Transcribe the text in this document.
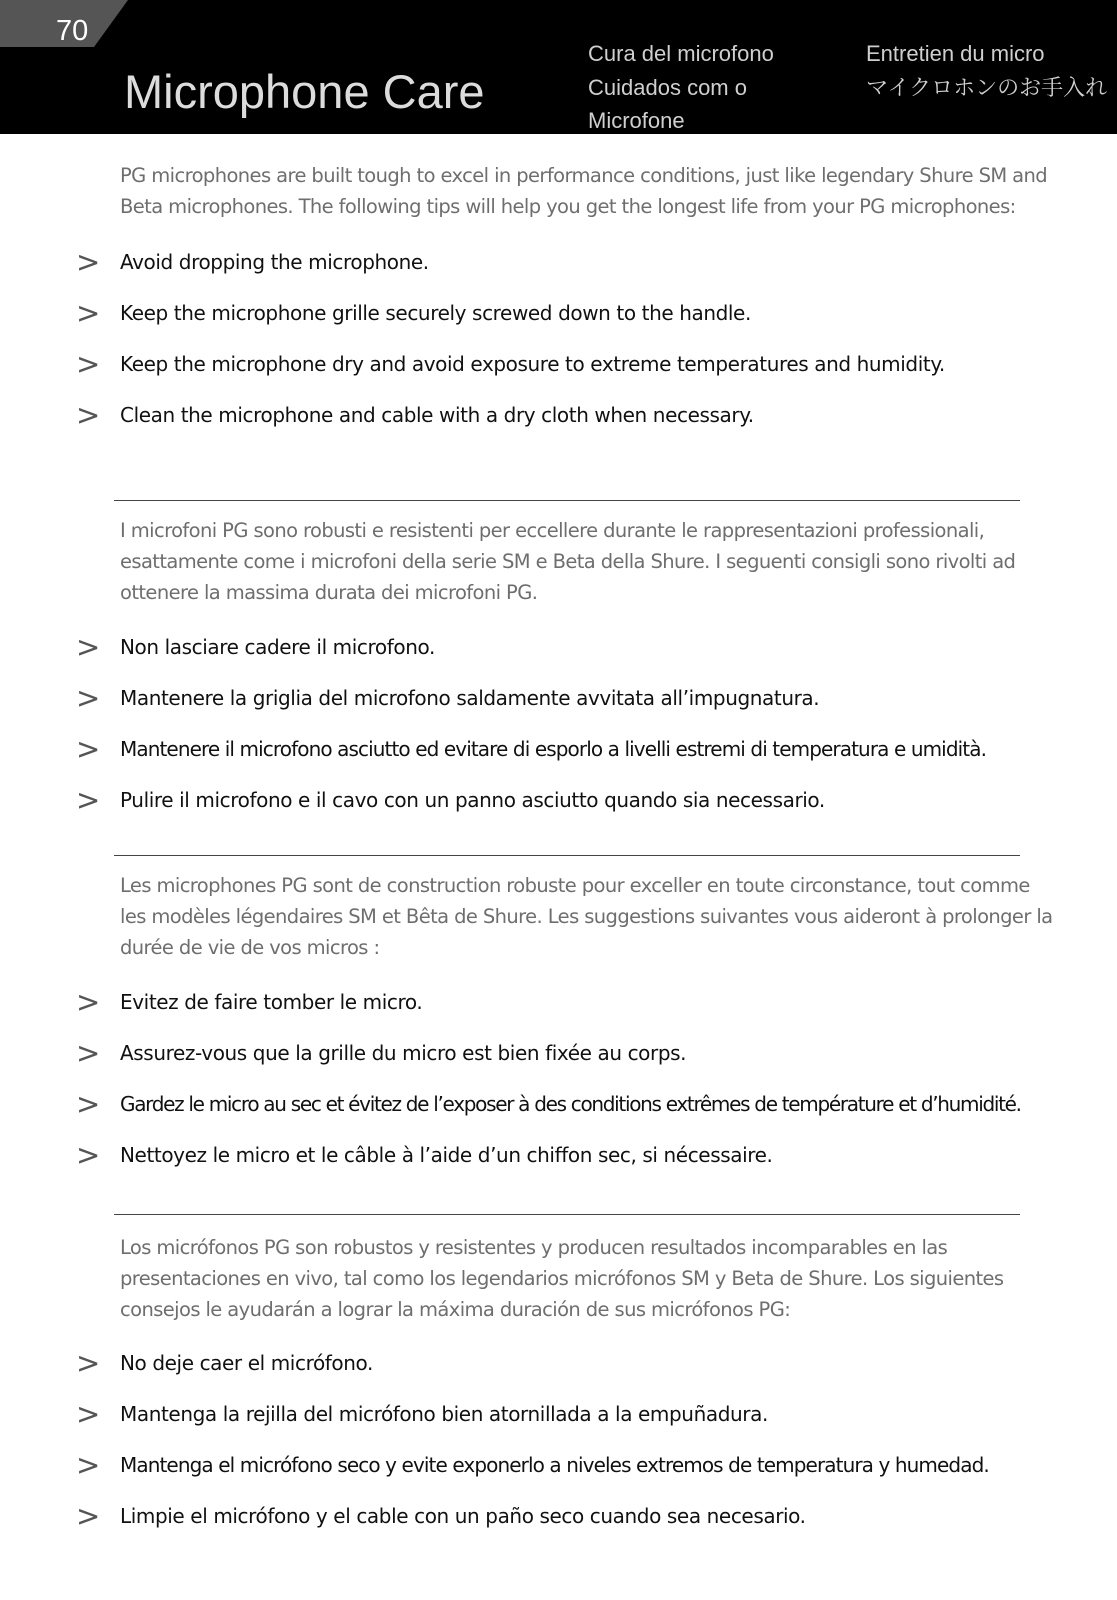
70
Microphone Care
Cura del microfono
Cuidados com o
Microfone
Entretien du micro
マイクロホンのお手入れ
PG microphones are built tough to excel in performance conditions, just like legendary Shure SM and Beta microphones. The following tips will help you get the longest life from your PG microphones:
> Avoid dropping the microphone.
> Keep the microphone grille securely screwed down to the handle.
> Keep the microphone dry and avoid exposure to extreme temperatures and humidity.
> Clean the microphone and cable with a dry cloth when necessary.
I microfoni PG sono robusti e resistenti per eccellere durante le rappresentazioni professionali, esattamente come i microfoni della serie SM e Beta della Shure. I seguenti consigli sono rivolti ad ottenere la massima durata dei microfoni PG.
> Non lasciare cadere il microfono.
> Mantenere la griglia del microfono saldamente avvitata all’impugnatura.
> Mantenere il microfono asciutto ed evitare di esporlo a livelli estremi di temperatura e umidità.
> Pulire il microfono e il cavo con un panno asciutto quando sia necessario.
Les microphones PG sont de construction robuste pour exceller en toute circonstance, tout comme les modèles légendaires SM et Bêta de Shure. Les suggestions suivantes vous aideront à prolonger la durée de vie de vos micros :
> Evitez de faire tomber le micro.
> Assurez-vous que la grille du micro est bien fixée au corps.
> Gardez le micro au sec et évitez de l’exposer à des conditions extrêmes de température et d’humidité.
> Nettoyez le micro et le câble à l’aide d’un chiffon sec, si nécessaire.
Los micrófonos PG son robustos y resistentes y producen resultados incomparables en las presentaciones en vivo, tal como los legendarios micrófonos SM y Beta de Shure. Los siguientes consejos le ayudarán a lograr la máxima duración de sus micrófonos PG:
> No deje caer el micrófono.
> Mantenga la rejilla del micrófono bien atornillada a la empuñadura.
> Mantenga el micrófono seco y evite exponerlo a niveles extremos de temperatura y humedad.
> Limpie el micrófono y el cable con un paño seco cuando sea necesario.
